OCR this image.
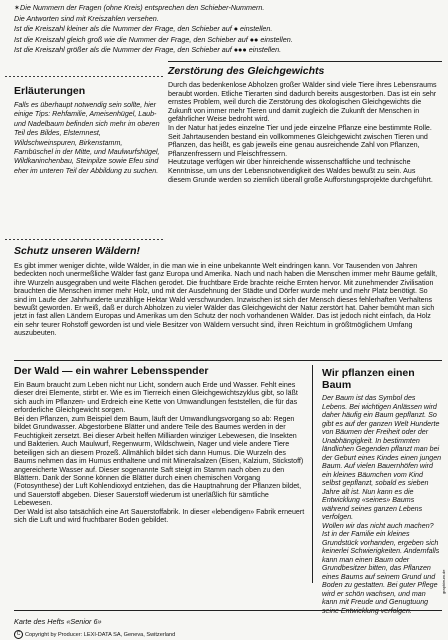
✶ Die Nummern der Fragen (ohne Kreis) entsprechen den Schieber-Nummern.

Die Antworten sind mit Kreiszahlen versehen.

Ist die Kreiszahl kleiner als die Nummer der Frage, den Schieber auf ● einstellen.

Ist die Kreiszahl gleich groß wie die Nummer der Frage, den Schieber auf ●● einstellen.

Ist die Kreiszahl größer als die Nummer der Frage, den Schieber auf ●●● einstellen.

Erläuterungen

Falls es überhaupt notwendig sein sollte, hier einige Tips: Rehfamilie, Ameisenhügel, Laub- und Nadelbaum befinden sich mehr im oberen Teil des Bildes, Elsternnest, Wildschweinspuren, Birkenstamm, Farnbüschel in der Mitte, und Maulwurfshügel, Wildkaninchenbau, Steinpilze sowie Efeu sind eher im unteren Teil der Abbildung zu suchen.

Zerstörung des Gleichgewichts

Durch das bedenkenlose Abholzen großer Wälder sind viele Tiere ihres Lebensraums beraubt worden. Etliche Tierarten sind dadurch bereits ausgestorben. Das ist ein sehr ernstes Problem, weil durch die Zerstörung des ökologischen Gleichgewichts die Zukunft von immer mehr Tieren und damit zugleich die Zukunft der Menschen in gefährlicher Weise bedroht wird.

In der Natur hat jedes einzelne Tier und jede einzelne Pflanze eine bestimmte Rolle. Seit Jahrtausenden bestand ein vollkommenes Gleichgewicht zwischen Tieren und Pflanzen, das heißt, es gab jeweils eine genau ausreichende Zahl von Pflanzen, Pflanzenfressern und Fleischfressern.

Heutzutage verfügen wir über hinreichende wissenschaftliche und technische Kenntnisse, um uns der Lebensnotwendigkeit des Waldes bewußt zu sein. Aus diesem Grunde werden so ziemlich überall große Aufforstungsprojekte durchgeführt.

Schutz unseren Wäldern!

Es gibt immer weniger dichte, wilde Wälder, in die man wie in eine unbekannte Welt eindringen kann. Vor Tausenden von Jahren bedeckten noch unermeßliche Wälder fast ganz Europa und Amerika. Nach und nach haben die Menschen immer mehr Bäume gefällt, ihre Wurzeln ausgegraben und weite Flächen gerodet. Die fruchtbare Erde brachte reiche Ernten hervor. Mit zunehmender Zivilisation brauchten die Menschen immer mehr Holz, und mit der Ausdehnung der Städte und Dörfer wurde mehr und mehr Platz benötigt. So sind im Laufe der Jahrhunderte unzählige Hektar Wald verschwunden. Inzwischen ist sich der Mensch dieses fehlerhaften Verhaltens bewußt geworden. Er weiß, daß er durch Abholzen zu vieler Wälder das Gleichgewicht der Natur zerstört hat. Daher bemüht man sich jetzt in fast allen Ländern Europas und Amerikas um den Schutz der noch vorhandenen Wälder. Das ist jedoch nicht einfach, da Holz ein sehr teurer Rohstoff geworden ist und viele Besitzer von Wäldern versucht sind, ihren Reichtum in größtmöglichem Umfang auszubeuten.

Der Wald — ein wahrer Lebensspender

Ein Baum braucht zum Leben nicht nur Licht, sondern auch Erde und Wasser. Fehlt eines dieser drei Elemente, stirbt er. Wie es im Tierreich einen Gleichgewichtszyklus gibt, so läßt sich auch im Pflanzen- und Erdreich eine Kette von Umwandlungen feststellen, die für das erforderliche Gleichgewicht sorgen.

Bei den Pflanzen, zum Beispiel dem Baum, läuft der Umwandlungsvorgang so ab: Regen bildet Grundwasser. Abgestorbene Blätter und andere Teile des Baumes werden in der Feuchtigkeit zersetzt. Bei dieser Arbeit helfen Milliarden winziger Lebewesen, die Insekten und Bakterien. Auch Maulwurf, Regenwurm, Wildschwein, Nager und viele andere Tiere beteiligen sich an diesem Prozeß. Allmählich bildet sich dann Humus. Die Wurzeln des Baums nehmen das im Humus enthaltene und mit Mineralsalzen (Eisen, Kalzium, Stickstoff) angereicherte Wasser auf. Dieser sogenannte Saft steigt im Stamm nach oben zu den Blättern. Dank der Sonne können die Blätter durch einen chemischen Vorgang (Fotosynthese) der Luft Kohlendioxyd entziehen, das die Hauptnahrung der Pflanzen bildet, und Sauerstoff abgeben. Dieser Sauerstoff wiederum ist unerläßlich für sämtliche Lebewesen.

Der Wald ist also tatsächlich eine Art Sauerstoffabrik. In dieser «lebendigen» Fabrik erneuert sich die Luft und wird fruchtbarer Boden gebildet.

Wir pflanzen einen Baum

Der Baum ist das Symbol des Lebens. Bei wichtigen Anlässen wird daher häufig ein Baum gepflanzt. So gibt es auf der ganzen Welt Hunderte von Bäumen der Freiheit oder der Unabhängigkeit. In bestimmten ländlichen Gegenden pflanzt man bei der Geburt eines Kindes einen jungen Baum. Auf vielen Bauernhöfen wird ein kleines Bäumchen vom Kind selbst gepflanzt, sobald es sieben Jahre alt ist. Nun kann es die Entwicklung «seines» Baums während seines ganzen Lebens verfolgen.

Wollen wir das nicht auch machen? Ist in der Familie ein kleines Grundstück vorhanden, ergeben sich keinerlei Schwierigkeiten. Andernfalls kann man einen Baum oder Grundbesitzer bitten, das Pflanzen eines Baums auf seinem Grund und Boden zu gestatten. Bei guter Pflege wird er schön wachsen, und man kann mit Freude und Genugtuung seine Entwicklung verfolgen.

Karte des Hefts «Senior 6»

C Copyright by Producer: LEXI-DATA SA, Geneva, Switzerland

graphieum.de
